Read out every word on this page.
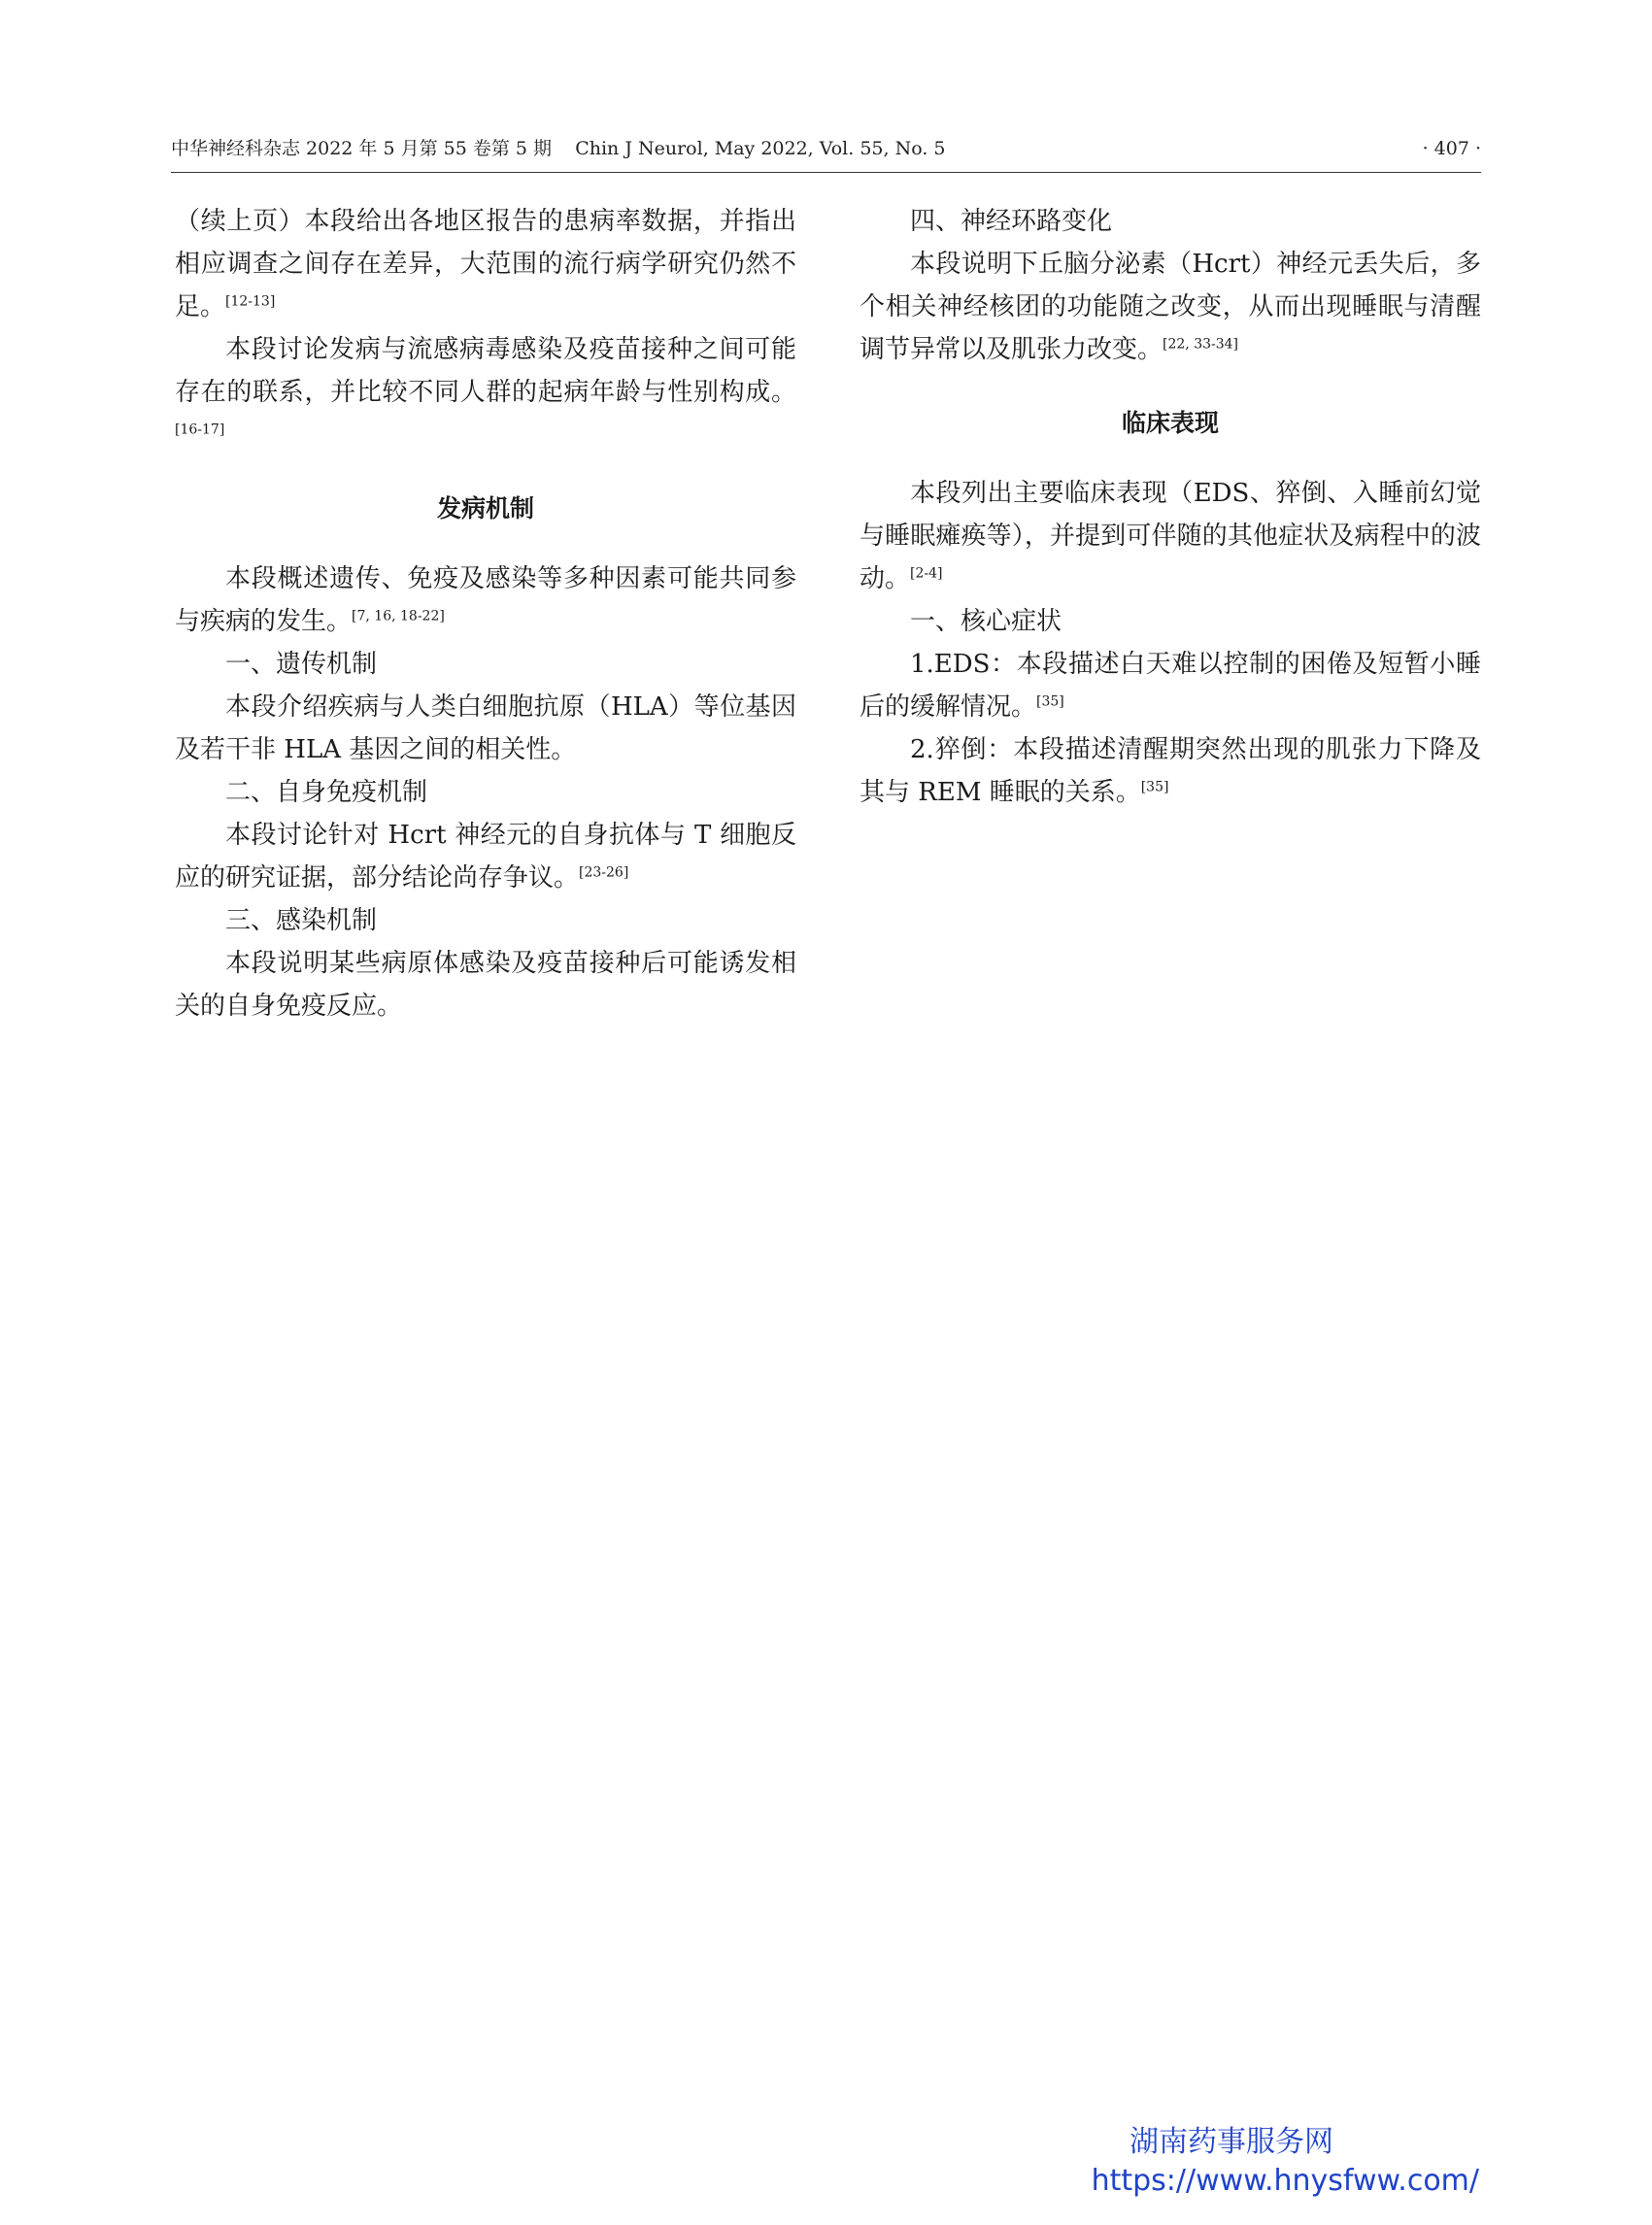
中华神经科杂志 2022 年 5 月第 55 卷第 5 期 Chin J Neurol, May 2022, Vol. 55, No. 5	· 407 ·

（续上页）本段给出各地区报告的患病率数据，并指出相应调查之间存在差异，大范围的流行病学研究仍然不足。[12-13]

本段讨论发病与流感病毒感染及疫苗接种之间可能存在的联系，并比较不同人群的起病年龄与性别构成。[16-17]

发病机制

本段概述遗传、免疫及感染等多种因素可能共同参与疾病的发生。[7, 16, 18-22]

一、遗传机制

本段介绍疾病与人类白细胞抗原（HLA）等位基因及若干非 HLA 基因之间的相关性。

二、自身免疫机制

本段讨论针对 Hcrt 神经元的自身抗体与 T 细胞反应的研究证据，部分结论尚存争议。[23-26]

三、感染机制

本段说明某些病原体感染及疫苗接种后可能诱发相关的自身免疫反应。

四、神经环路变化

本段说明下丘脑分泌素（Hcrt）神经元丢失后，多个相关神经核团的功能随之改变，从而出现睡眠与清醒调节异常以及肌张力改变。[22, 33-34]

临床表现

本段列出主要临床表现（EDS、猝倒、入睡前幻觉与睡眠瘫痪等），并提到可伴随的其他症状及病程中的波动。[2-4]

一、核心症状

1.EDS：本段描述白天难以控制的困倦及短暂小睡后的缓解情况。[35]

2.猝倒：本段描述清醒期突然出现的肌张力下降及其与 REM 睡眠的关系。[35]

湖南药事服务网
https://www.hnysfww.com/
